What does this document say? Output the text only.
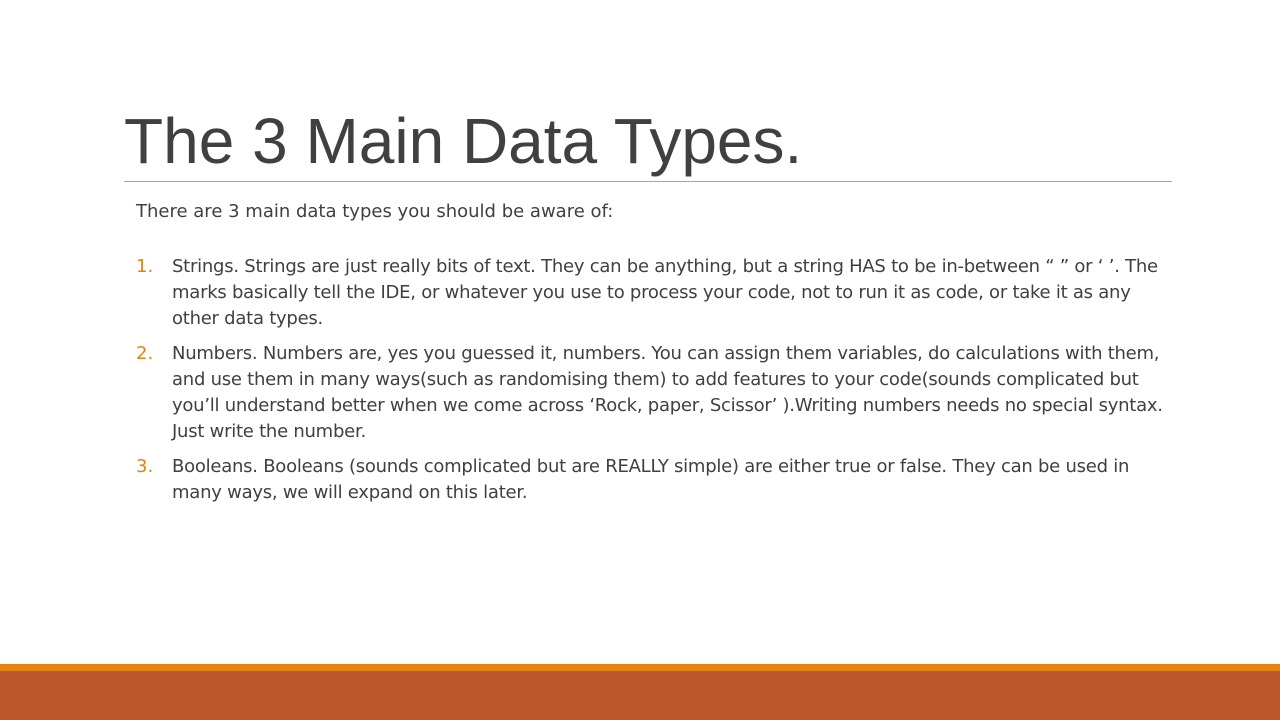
The 3 Main Data Types.

There are 3 main data types you should be aware of:

1. Strings. Strings are just really bits of text. They can be anything, but a string HAS to be in-between “ ” or ‘ ’. The marks basically tell the IDE, or whatever you use to process your code, not to run it as code, or take it as any other data types.
2. Numbers. Numbers are, yes you guessed it, numbers. You can assign them variables, do calculations with them, and use them in many ways(such as randomising them) to add features to your code(sounds complicated but you’ll understand better when we come across ‘Rock, paper, Scissor’ ).Writing numbers needs no special syntax. Just write the number.
3. Booleans. Booleans (sounds complicated but are REALLY simple) are either true or false. They can be used in many ways, we will expand on this later.
